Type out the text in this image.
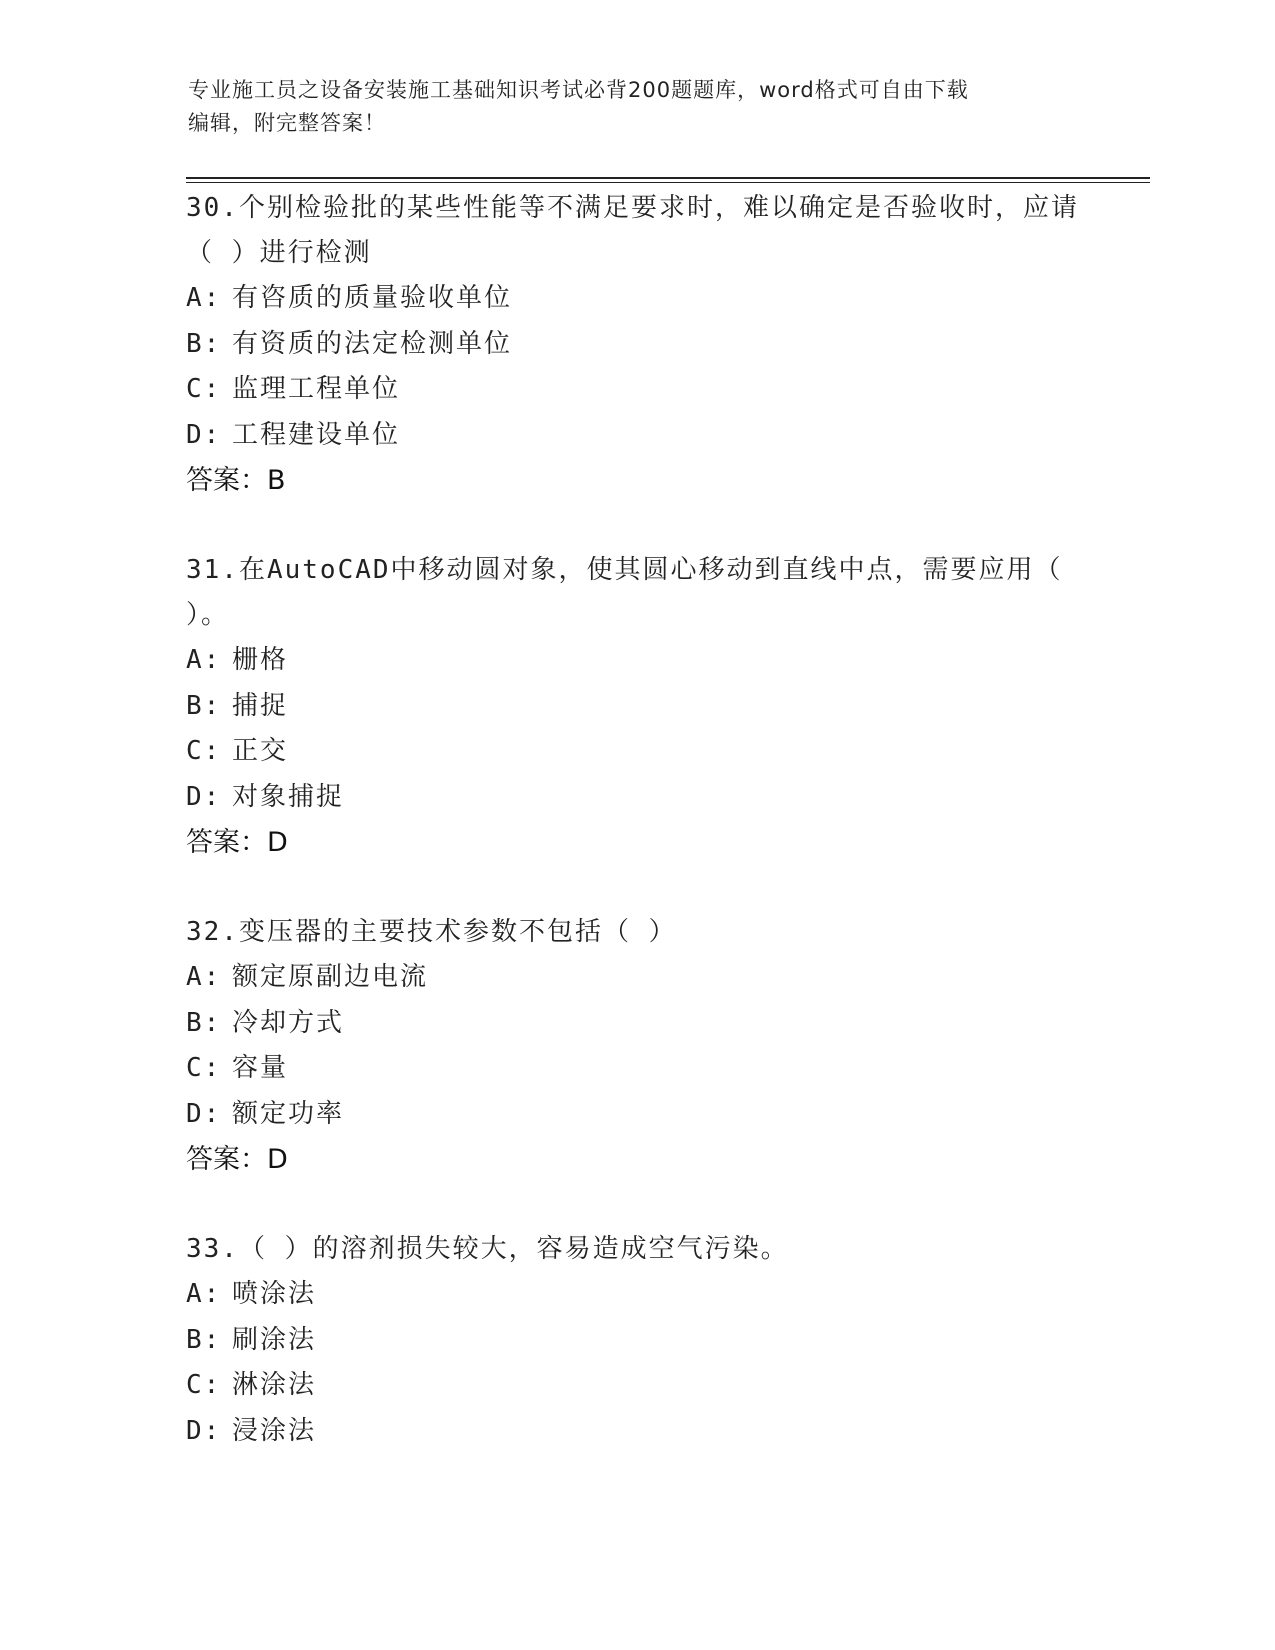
专业施工员之设备安装施工基础知识考试必背200题题库，word格式可自由下载
编辑，附完整答案！
30.个别检验批的某些性能等不满足要求时，难以确定是否验收时，应请（ ）进行检测
A: 有咨质的质量验收单位
B: 有资质的法定检测单位
C: 监理工程单位
D: 工程建设单位
答案：B
31.在AutoCAD中移动圆对象，使其圆心移动到直线中点，需要应用（ ）。
A: 栅格
B: 捕捉
C: 正交
D: 对象捕捉
答案：D
32.变压器的主要技术参数不包括（ ）
A: 额定原副边电流
B: 冷却方式
C: 容量
D: 额定功率
答案：D
33.（ ）的溶剂损失较大，容易造成空气污染。
A: 喷涂法
B: 刷涂法
C: 淋涂法
D: 浸涂法
